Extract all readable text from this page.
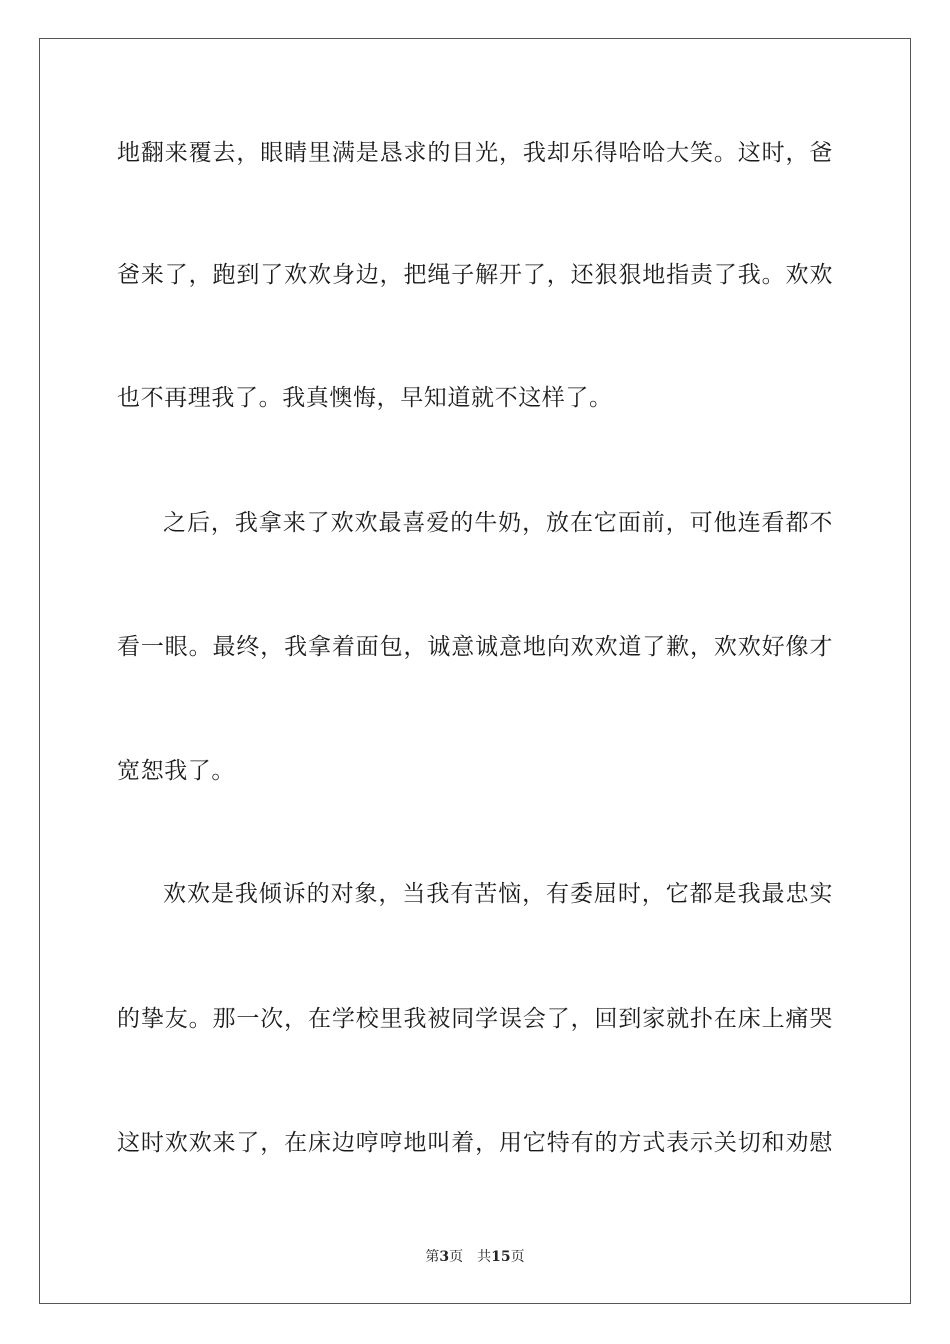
地翻来覆去，眼睛里满是恳求的目光，我却乐得哈哈大笑。这时，爸
爸来了，跑到了欢欢身边，把绳子解开了，还狠狠地指责了我。欢欢
也不再理我了。我真懊悔，早知道就不这样了。
之后，我拿来了欢欢最喜爱的牛奶，放在它面前，可他连看都不
看一眼。最终，我拿着面包，诚意诚意地向欢欢道了歉，欢欢好像才
宽恕我了。
欢欢是我倾诉的对象，当我有苦恼，有委屈时，它都是我最忠实
的挚友。那一次，在学校里我被同学误会了，回到家就扑在床上痛哭
这时欢欢来了，在床边哼哼地叫着，用它特有的方式表示关切和劝慰
第3页 共15页
